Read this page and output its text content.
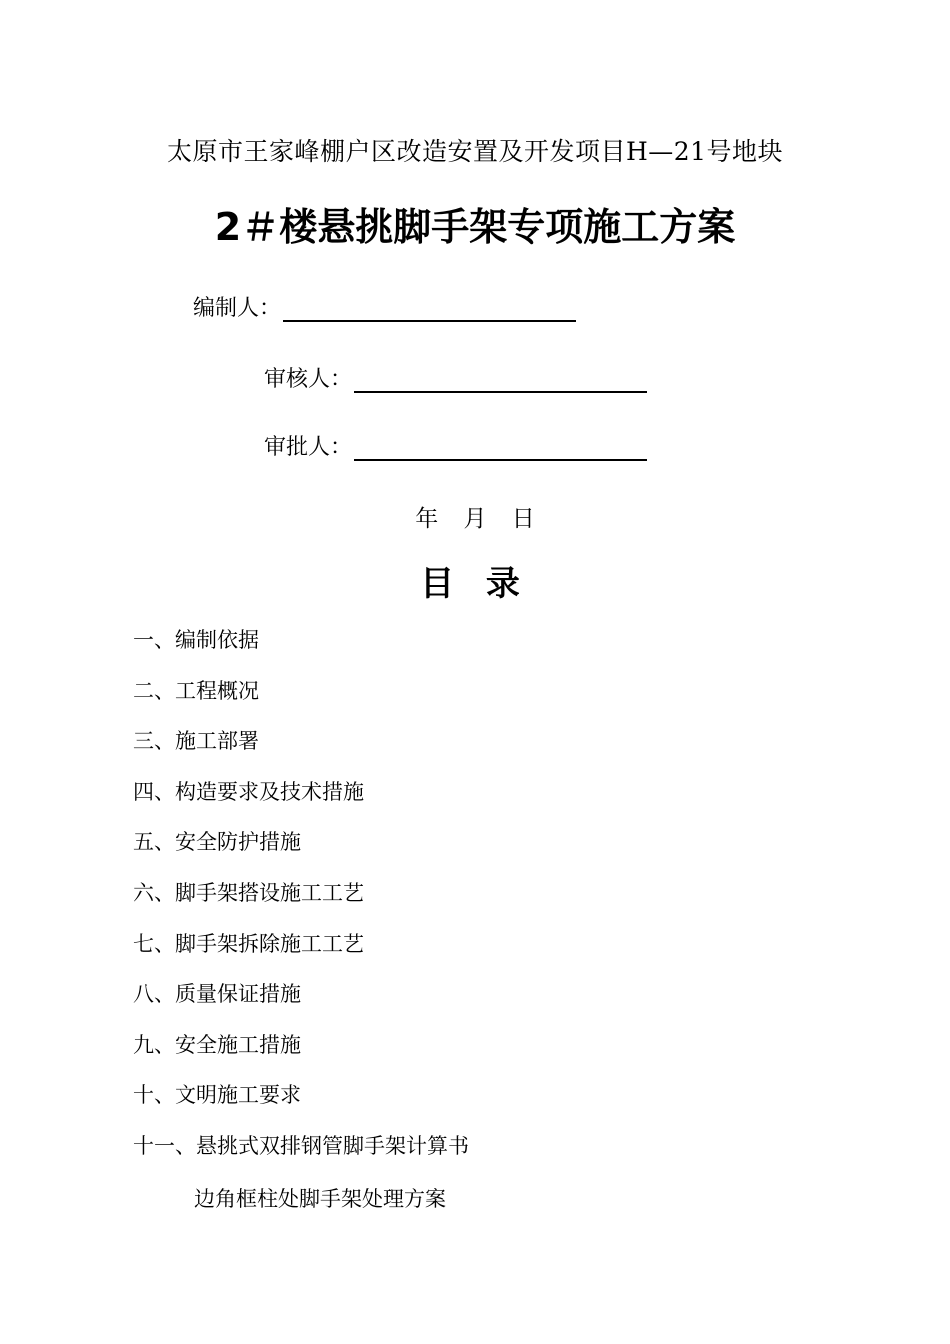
太原市王家峰棚户区改造安置及开发项目H—21号地块
2＃楼悬挑脚手架专项施工方案
编制人：
审核人：
审批人：
年 月 日
目 录
一、编制依据
二、工程概况
三、施工部署
四、构造要求及技术措施
五、安全防护措施
六、脚手架搭设施工工艺
七、脚手架拆除施工工艺
八、质量保证措施
九、安全施工措施
十、文明施工要求
十一、悬挑式双排钢管脚手架计算书
边角框柱处脚手架处理方案
